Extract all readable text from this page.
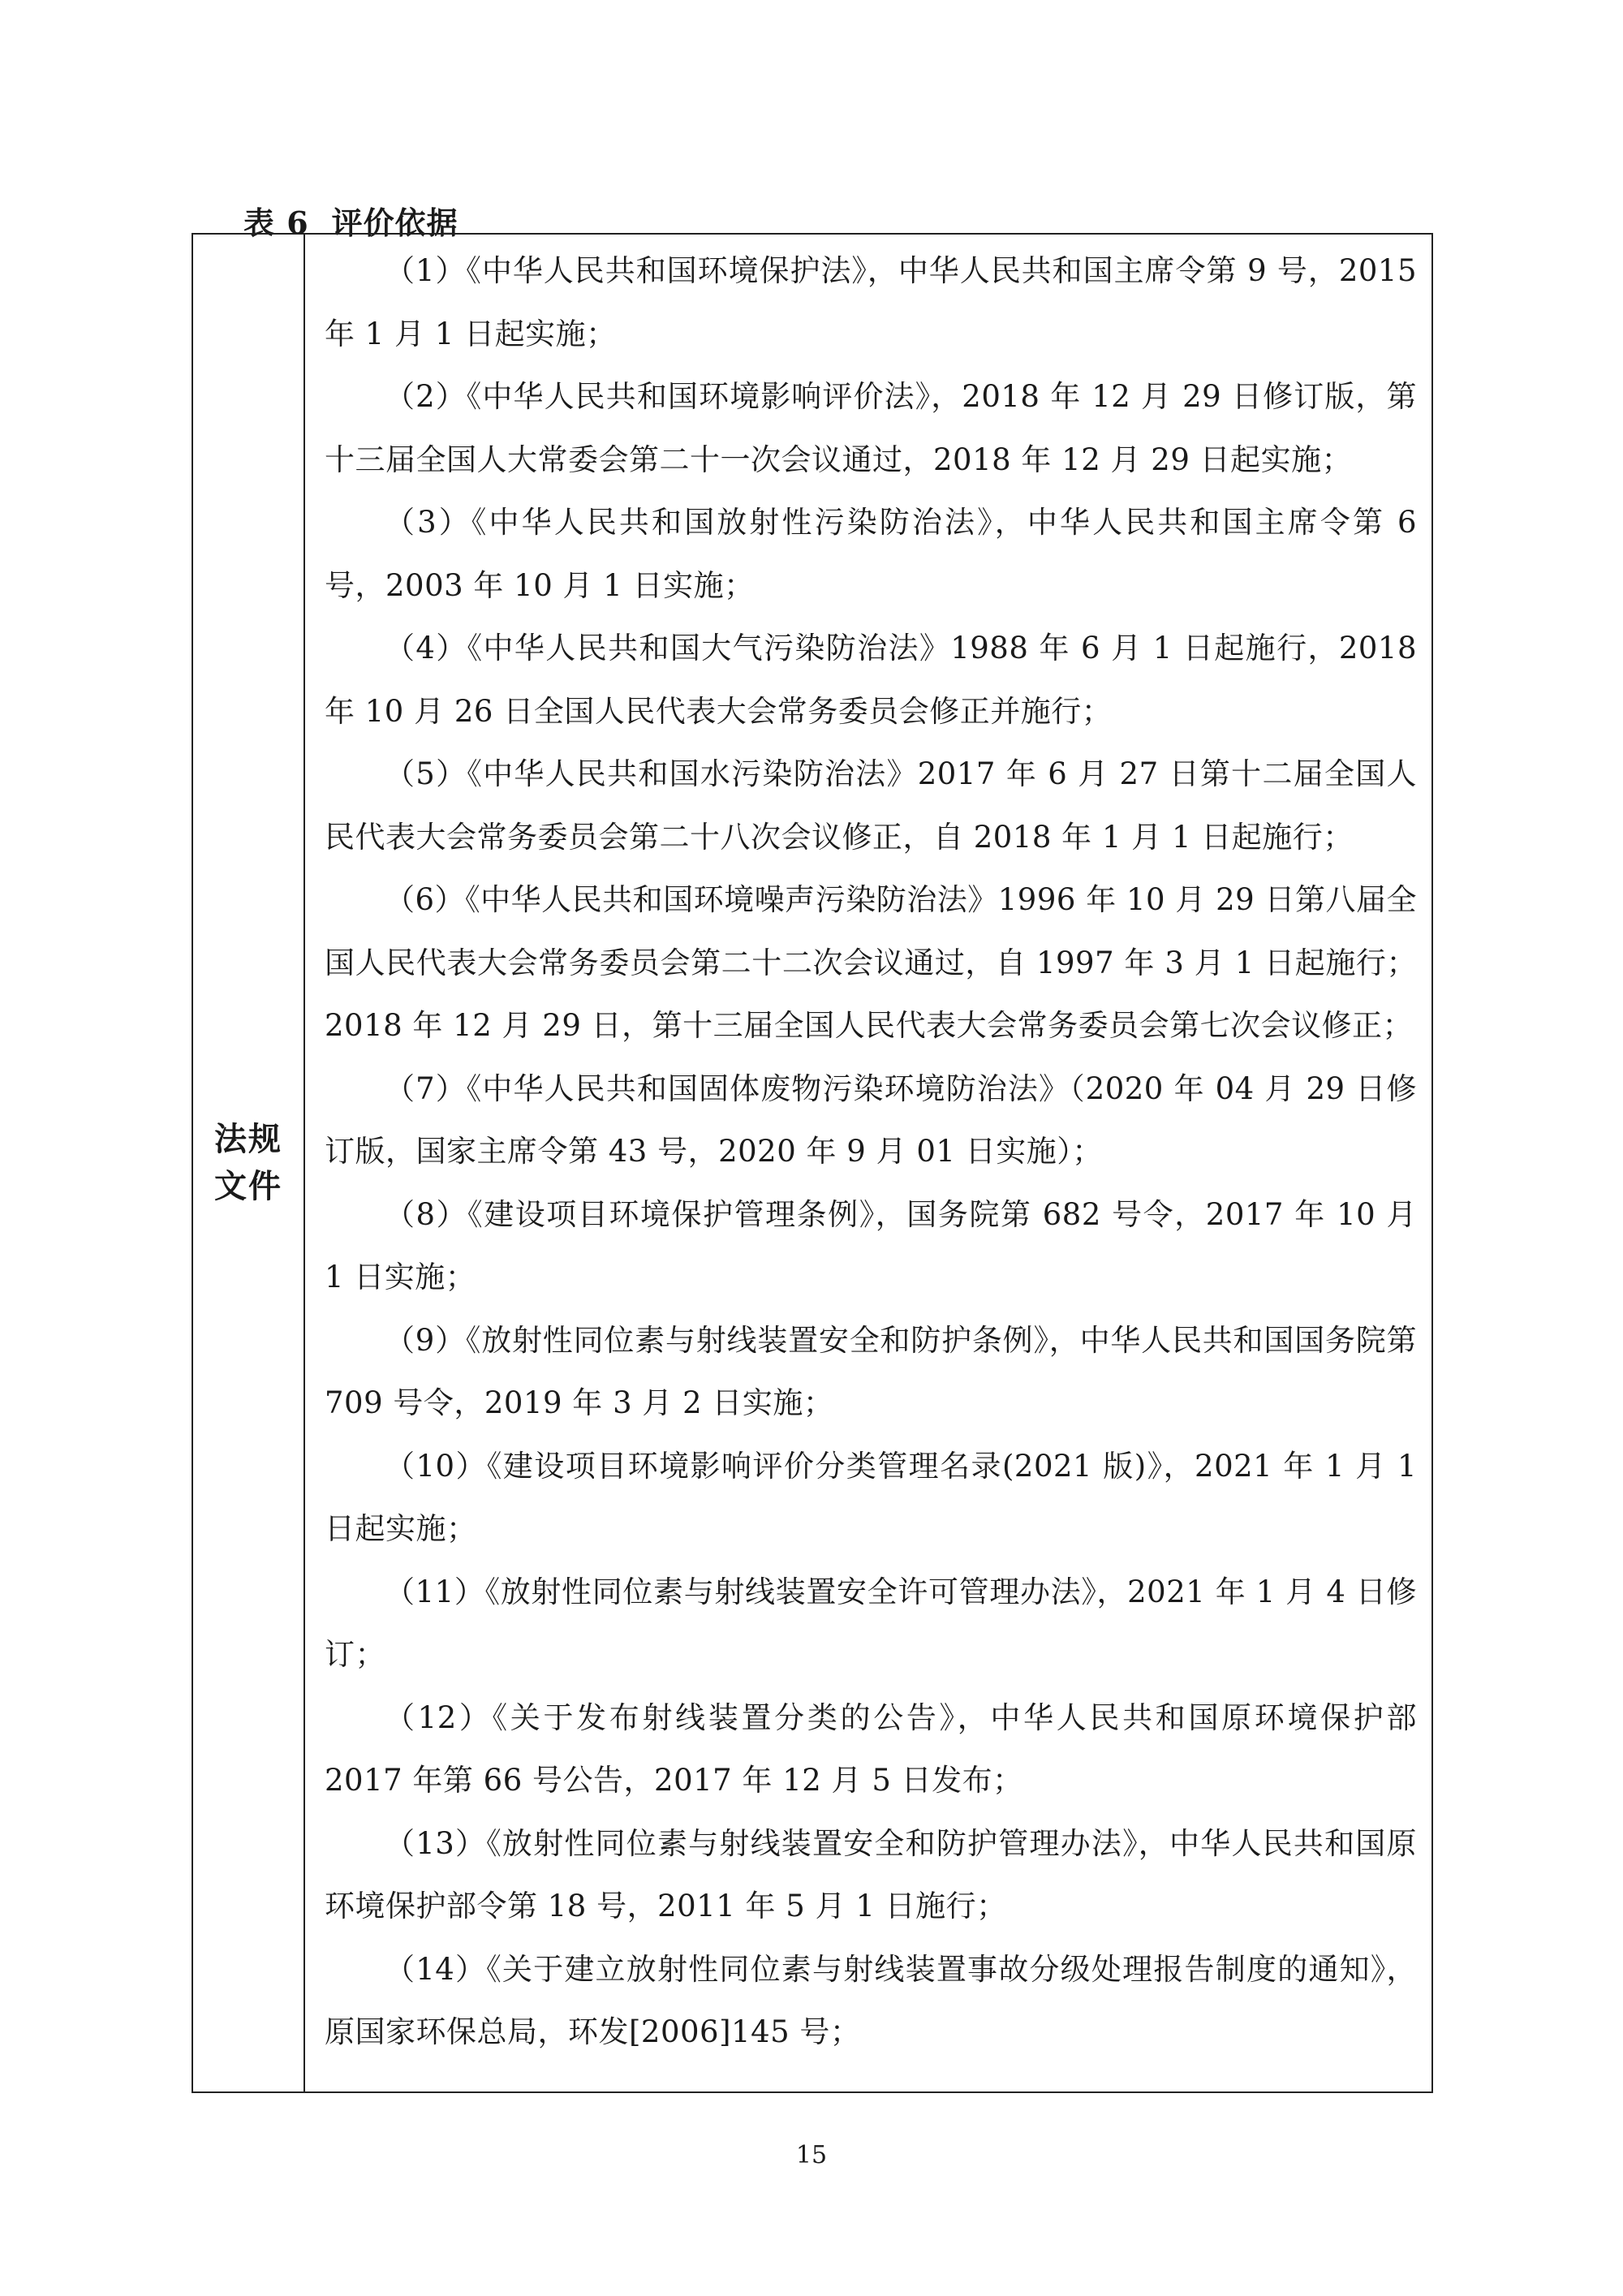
表 6 评价依据
法规
文件

（1）《中华人民共和国环境保护法》，中华人民共和国主席令第 9 号，2015 年 1 月 1 日起实施；

（2）《中华人民共和国环境影响评价法》，2018 年 12 月 29 日修订版，第十三届全国人大常委会第二十一次会议通过，2018 年 12 月 29 日起实施；

（3）《中华人民共和国放射性污染防治法》，中华人民共和国主席令第 6 号，2003 年 10 月 1 日实施；

（4）《中华人民共和国大气污染防治法》1988 年 6 月 1 日起施行，2018 年 10 月 26 日全国人民代表大会常务委员会修正并施行；

（5）《中华人民共和国水污染防治法》2017 年 6 月 27 日第十二届全国人民代表大会常务委员会第二十八次会议修正，自 2018 年 1 月 1 日起施行；

（6）《中华人民共和国环境噪声污染防治法》1996 年 10 月 29 日第八届全国人民代表大会常务委员会第二十二次会议通过，自 1997 年 3 月 1 日起施行；2018 年 12 月 29 日，第十三届全国人民代表大会常务委员会第七次会议修正；

（7）《中华人民共和国固体废物污染环境防治法》（2020 年 04 月 29 日修订版，国家主席令第 43 号，2020 年 9 月 01 日实施）；

（8）《建设项目环境保护管理条例》，国务院第 682 号令，2017 年 10 月 1 日实施；

（9）《放射性同位素与射线装置安全和防护条例》，中华人民共和国国务院第 709 号令，2019 年 3 月 2 日实施；

（10）《建设项目环境影响评价分类管理名录(2021 版)》，2021 年 1 月 1 日起实施；

（11）《放射性同位素与射线装置安全许可管理办法》，2021 年 1 月 4 日修订；

（12）《关于发布射线装置分类的公告》，中华人民共和国原环境保护部 2017 年第 66 号公告，2017 年 12 月 5 日发布；

（13）《放射性同位素与射线装置安全和防护管理办法》，中华人民共和国原环境保护部令第 18 号，2011 年 5 月 1 日施行；

（14）《关于建立放射性同位素与射线装置事故分级处理报告制度的通知》，原国家环保总局，环发[2006]145 号；

15
